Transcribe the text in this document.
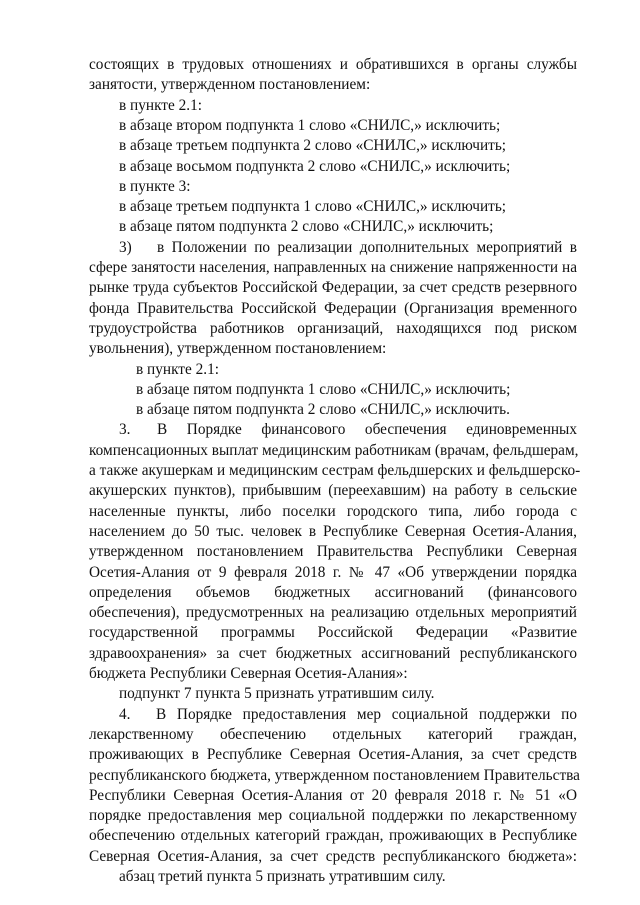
состоящих в трудовых отношениях и обратившихся в органы службы
занятости, утвержденном постановлением:
в пункте 2.1:
в абзаце втором подпункта 1 слово «СНИЛС,» исключить;
в абзаце третьем подпункта 2 слово «СНИЛС,» исключить;
в абзаце восьмом подпункта 2 слово «СНИЛС,» исключить;
в пункте 3:
в абзаце третьем подпункта 1 слово «СНИЛС,» исключить;
в абзаце пятом подпункта 2 слово «СНИЛС,» исключить;
3) в Положении по реализации дополнительных мероприятий в
сфере занятости населения, направленных на снижение напряженности на
рынке труда субъектов Российской Федерации, за счет средств резервного
фонда Правительства Российской Федерации (Организация временного
трудоустройства работников организаций, находящихся под риском
увольнения), утвержденном постановлением:
в пункте 2.1:
в абзаце пятом подпункта 1 слово «СНИЛС,» исключить;
в абзаце пятом подпункта 2 слово «СНИЛС,» исключить.
3. В Порядке финансового обеспечения единовременных
компенсационных выплат медицинским работникам (врачам, фельдшерам,
а также акушеркам и медицинским сестрам фельдшерских и фельдшерско-
акушерских пунктов), прибывшим (переехавшим) на работу в сельские
населенные пункты, либо поселки городского типа, либо города с
населением до 50 тыс. человек в Республике Северная Осетия-Алания,
утвержденном постановлением Правительства Республики Северная
Осетия-Алания от 9 февраля 2018 г. № 47 «Об утверждении порядка
определения объемов бюджетных ассигнований (финансового
обеспечения), предусмотренных на реализацию отдельных мероприятий
государственной программы Российской Федерации «Развитие
здравоохранения» за счет бюджетных ассигнований республиканского
бюджета Республики Северная Осетия-Алания»:
подпункт 7 пункта 5 признать утратившим силу.
4. В Порядке предоставления мер социальной поддержки по
лекарственному обеспечению отдельных категорий граждан,
проживающих в Республике Северная Осетия-Алания, за счет средств
республиканского бюджета, утвержденном постановлением Правительства
Республики Северная Осетия-Алания от 20 февраля 2018 г. № 51 «О
порядке предоставления мер социальной поддержки по лекарственному
обеспечению отдельных категорий граждан, проживающих в Республике
Северная Осетия-Алания, за счет средств республиканского бюджета»:
абзац третий пункта 5 признать утратившим силу.
